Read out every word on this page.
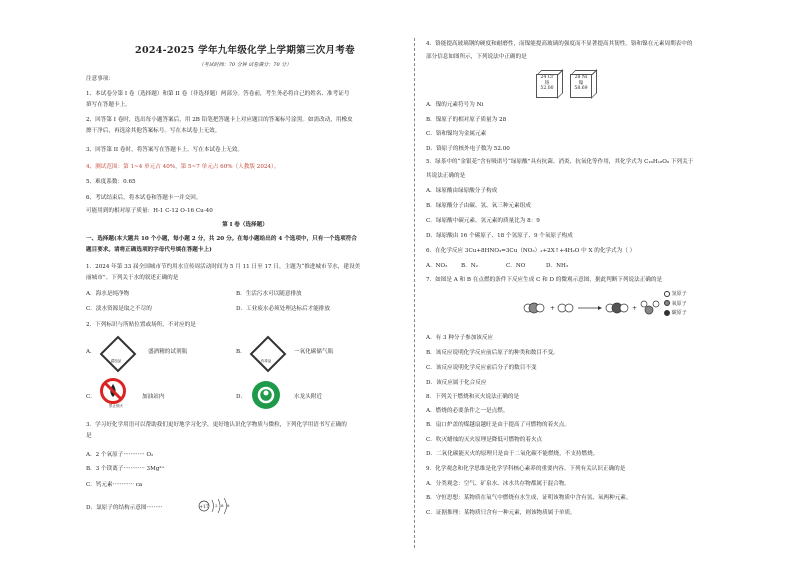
2024-2025 学年九年级化学上学期第三次月考卷
（考试时间：70 分钟 试卷满分：70 分）
注意事项：
1、本试卷分第 I 卷（选择题）和第 II 卷（非选择题）两部分。答卷前，考生务必将自己的姓名、准考证号
填写在答题卡上。
2、回答第 I 卷时，选出每小题答案后，用 2B 铅笔把答题卡上对应题目的答案标号涂黑。如需改动，用橡皮
擦干净后，再选涂其他答案标号。写在本试卷上无效。
3、回答第 II 卷时，将答案写在答题卡上。写在本试卷上无效。
4、测试范围：第 1~4 单元占 40%，第 5~7 单元占 60%（人教版 2024）。
5、难度系数：0.65
6、考试结束后，将本试卷和答题卡一并交回。
可能用到的相对原子质量：H-1 C-12 O-16 Cu-40
第 I 卷（选择题）
一、选择题(本大题共 10 个小题，每小题 2 分，共 20 分。在每小题给出的 4 个选项中，只有一个选项符合
题目要求。请将正确选项的字母代号填在答题卡上)
1．2024 年第 33 届全国城市节约用水宣传周活动时间为 5 月 11 日至 17 日，主题为“推进城市节水，建设美
丽城市”。下列关于水的叙述正确的是
A．海水是纯净物	B．生活污水可以随意排放
C．淡水资源是取之不尽的	D．工业废水必须处理达标后才能排放
2．下列标识与所贴位置或场所，不对应的是
A．
腐蚀品
盛酒精的试剂瓶	B．
有毒品
一氧化碳储气瓶
C．
禁止烟火
加油站内	D．	水龙头附近
3．学习好化学用语可以帮助我们更好地学习化学，更好地认识化学物质与微粒，下列化学用语书写正确的
是
A．2 个氧原子············ O₂
B．3 个镁离子············ 3Mg²⁺
C．钙元素············ ca
D．氯原子的结构示意图·········	+17 2 8 8
4．铬能提高玻璃钢的硬度和耐磨性，而镍能提高玻璃的强度而不显著提高其韧性。铬和镍在元素周期表中的
部分信息如图所示，下列说法中正确的是
24 Cr
铬
52.00
28 Ni
镍
58.69
A．镍的元素符号为 Ni
B．镍原子的相对原子质量为 28
C．铬和镍均为金属元素
D．铬原子的核外电子数为 52.00
5．绿茶中的“金银花”含有吸诺号“绿原酸”具有抗菌、消炎、抗氧化等作用，其化学式为 C₁₆H₁₈O₉ 下列关于
其说法正确的是
A．绿原酸由绿原酸分子构成
B．绿原酸分子由碳、氢、氧三种元素组成
C．绿原酸中碳元素、氢元素的质量比为 8：9
D．绿原酸由 16 个碳原子、18 个氢原子、9 个氧原子构成
6．在化学反应 3Cu+8HNO₃=3Cu（NO₃）₂+2X↑+4H₂O 中 X 的化学式为（ ）
A．NO₃ B．N₂	C．NO	D．NH₃
7．如图是 A 和 B 在点燃的条件下反应生成 C 和 D 的微观示意图，据此判断下列说法正确的是
+	+
氢原子
氧原子
碳原子
A．有 3 种分子参加该反应
B．该反应说明化学反应前后原子的种类和数目不变。
C．该反应说明化学反应前后分子的数目不变
D．该反应属于化合反应
8．下列关于燃烧和灭火说法正确的是
A．燃烧的必要条件之一是点燃。
B．扇口炉盖的煤越扇越旺是由于提高了可燃物的着火点。
C．吹灭蜡烛的灭火原理是降低可燃物的着火点
D．二氧化碳能灭火的原理只是由于二氧化碳不能燃烧，不支持燃烧。
9．化学观念和化学思维是化学学科核心素养的重要内容。下列有关认识正确的是
A．分类观念：空气、矿泉水、冰水共存物都属于混合物。
B．守恒思想：某物质在氧气中燃烧有水生成，证明该物质中含有氢、氧两种元素。
C．证据推理：某物质只含有一种元素，则该物质属于单质。
